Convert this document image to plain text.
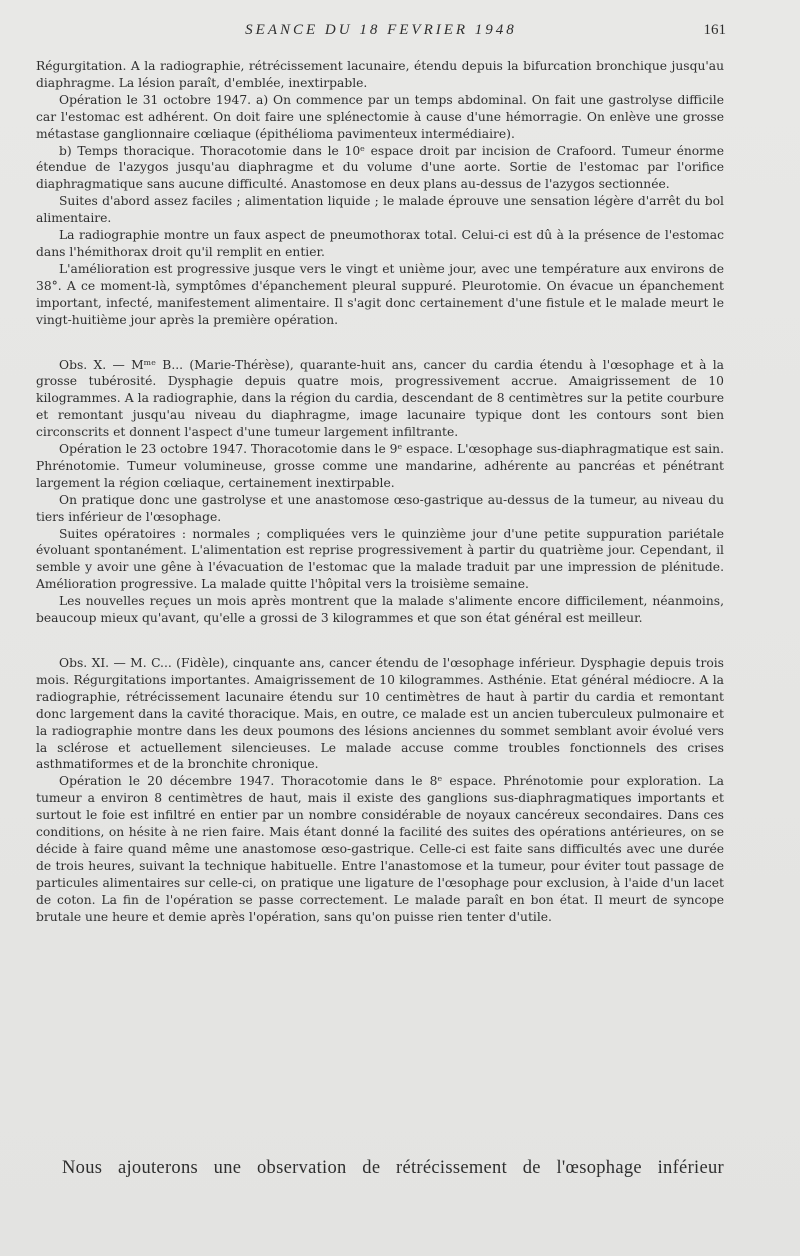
SEANCE DU 18 FEVRIER 1948	161

Régurgitation. A la radiographie, rétrécissement lacunaire, étendu depuis la bifurcation bronchique jusqu'au diaphragme. La lésion paraît, d'emblée, inextirpable.

Opération le 31 octobre 1947. a) On commence par un temps abdominal. On fait une gastrolyse difficile car l'estomac est adhérent. On doit faire une splénectomie à cause d'une hémorragie. On enlève une grosse métastase ganglionnaire cœliaque (épithélioma pavimenteux intermédiaire).

b) Temps thoracique. Thoracotomie dans le 10ᵉ espace droit par incision de Crafoord. Tumeur énorme étendue de l'azygos jusqu'au diaphragme et du volume d'une aorte. Sortie de l'estomac par l'orifice diaphragmatique sans aucune difficulté. Anastomose en deux plans au-dessus de l'azygos sectionnée.

Suites d'abord assez faciles ; alimentation liquide ; le malade éprouve une sensation légère d'arrêt du bol alimentaire.

La radiographie montre un faux aspect de pneumothorax total. Celui-ci est dû à la présence de l'estomac dans l'hémithorax droit qu'il remplit en entier.

L'amélioration est progressive jusque vers le vingt et unième jour, avec une température aux environs de 38°. A ce moment-là, symptômes d'épanchement pleural suppuré. Pleurotomie. On évacue un épanchement important, infecté, manifestement alimentaire. Il s'agit donc certainement d'une fistule et le malade meurt le vingt-huitième jour après la première opération.

Obs. X. — Mᵐᵉ B... (Marie-Thérèse), quarante-huit ans, cancer du cardia étendu à l'œsophage et à la grosse tubérosité. Dysphagie depuis quatre mois, progressivement accrue. Amaigrissement de 10 kilogrammes. A la radiographie, dans la région du cardia, descendant de 8 centimètres sur la petite courbure et remontant jusqu'au niveau du diaphragme, image lacunaire typique dont les contours sont bien circonscrits et donnent l'aspect d'une tumeur largement infiltrante.

Opération le 23 octobre 1947. Thoracotomie dans le 9ᵉ espace. L'œsophage sus-diaphragmatique est sain. Phrénotomie. Tumeur volumineuse, grosse comme une mandarine, adhérente au pancréas et pénétrant largement la région cœliaque, certainement inextirpable.

On pratique donc une gastrolyse et une anastomose œso-gastrique au-dessus de la tumeur, au niveau du tiers inférieur de l'œsophage.

Suites opératoires : normales ; compliquées vers le quinzième jour d'une petite suppuration pariétale évoluant spontanément. L'alimentation est reprise progressivement à partir du quatrième jour. Cependant, il semble y avoir une gêne à l'évacuation de l'estomac que la malade traduit par une impression de plénitude. Amélioration progressive. La malade quitte l'hôpital vers la troisième semaine.

Les nouvelles reçues un mois après montrent que la malade s'alimente encore difficilement, néanmoins, beaucoup mieux qu'avant, qu'elle a grossi de 3 kilogrammes et que son état général est meilleur.

Obs. XI. — M. C... (Fidèle), cinquante ans, cancer étendu de l'œsophage inférieur. Dysphagie depuis trois mois. Régurgitations importantes. Amaigrissement de 10 kilogrammes. Asthénie. Etat général médiocre. A la radiographie, rétrécissement lacunaire étendu sur 10 centimètres de haut à partir du cardia et remontant donc largement dans la cavité thoracique. Mais, en outre, ce malade est un ancien tuberculeux pulmonaire et la radiographie montre dans les deux poumons des lésions anciennes du sommet semblant avoir évolué vers la sclérose et actuellement silencieuses. Le malade accuse comme troubles fonctionnels des crises asthmatiformes et de la bronchite chronique.

Opération le 20 décembre 1947. Thoracotomie dans le 8ᵉ espace. Phrénotomie pour exploration. La tumeur a environ 8 centimètres de haut, mais il existe des ganglions sus-diaphragmatiques importants et surtout le foie est infiltré en entier par un nombre considérable de noyaux cancéreux secondaires. Dans ces conditions, on hésite à ne rien faire. Mais étant donné la facilité des suites des opérations antérieures, on se décide à faire quand même une anastomose œso-gastrique. Celle-ci est faite sans difficultés avec une durée de trois heures, suivant la technique habituelle. Entre l'anastomose et la tumeur, pour éviter tout passage de particules alimentaires sur celle-ci, on pratique une ligature de l'œsophage pour exclusion, à l'aide d'un lacet de coton. La fin de l'opération se passe correctement. Le malade paraît en bon état. Il meurt de syncope brutale une heure et demie après l'opération, sans qu'on puisse rien tenter d'utile.

Nous ajouterons une observation de rétrécissement de l'œsophage inférieur
